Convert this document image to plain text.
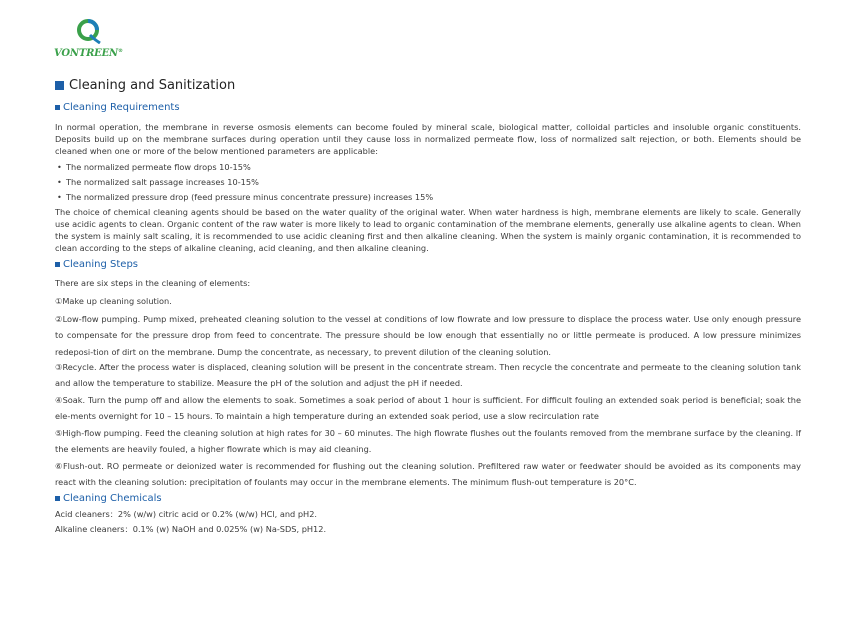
VONTREEN®
Cleaning and Sanitization
Cleaning Requirements
In normal operation, the membrane in reverse osmosis elements can become fouled by mineral scale, biological matter, colloidal particles and insoluble organic constituents. Deposits build up on the membrane surfaces during operation until they cause loss in normalized permeate flow, loss of normalized salt rejection, or both. Elements should be cleaned when one or more of the below mentioned parameters are applicable:
• The normalized permeate flow drops 10-15%
• The normalized salt passage increases 10-15%
• The normalized pressure drop (feed pressure minus concentrate pressure) increases 15%
The choice of chemical cleaning agents should be based on the water quality of the original water. When water hardness is high, membrane elements are likely to scale. Generally use acidic agents to clean. Organic content of the raw water is more likely to lead to organic contamination of the membrane elements, generally use alkaline agents to clean. When the system is mainly salt scaling, it is recommended to use acidic cleaning first and then alkaline cleaning. When the system is mainly organic contamination, it is recommended to clean according to the steps of alkaline cleaning, acid cleaning, and then alkaline cleaning.
Cleaning Steps
There are six steps in the cleaning of elements:
①Make up cleaning solution.
②Low-flow pumping. Pump mixed, preheated cleaning solution to the vessel at conditions of low flowrate and low pressure to displace the process water. Use only enough pressure to compensate for the pressure drop from feed to concentrate. The pressure should be low enough that essentially no or little permeate is produced. A low pressure minimizes redeposi-tion of dirt on the membrane. Dump the concentrate, as necessary, to prevent dilution of the cleaning solution.
③Recycle. After the process water is displaced, cleaning solution will be present in the concentrate stream. Then recycle the concentrate and permeate to the cleaning solution tank and allow the temperature to stabilize. Measure the pH of the solution and adjust the pH if needed.
④Soak. Turn the pump off and allow the elements to soak. Sometimes a soak period of about 1 hour is sufficient. For difficult fouling an extended soak period is beneficial; soak the ele-ments overnight for 10 – 15 hours. To maintain a high temperature during an extended soak period, use a slow recirculation rate
⑤High-flow pumping. Feed the cleaning solution at high rates for 30 – 60 minutes. The high flowrate flushes out the foulants removed from the membrane surface by the cleaning. If the elements are heavily fouled, a higher flowrate which is may aid cleaning.
⑥Flush-out. RO permeate or deionized water is recommended for flushing out the cleaning solution. Prefiltered raw water or feedwater should be avoided as its components may react with the cleaning solution: precipitation of foulants may occur in the membrane elements. The minimum flush-out temperature is 20°C.
Cleaning Chemicals
Acid cleaners：2% (w/w) citric acid or 0.2% (w/w) HCl, and pH2.
Alkaline cleaners：0.1% (w) NaOH and 0.025% (w) Na-SDS, pH12.
